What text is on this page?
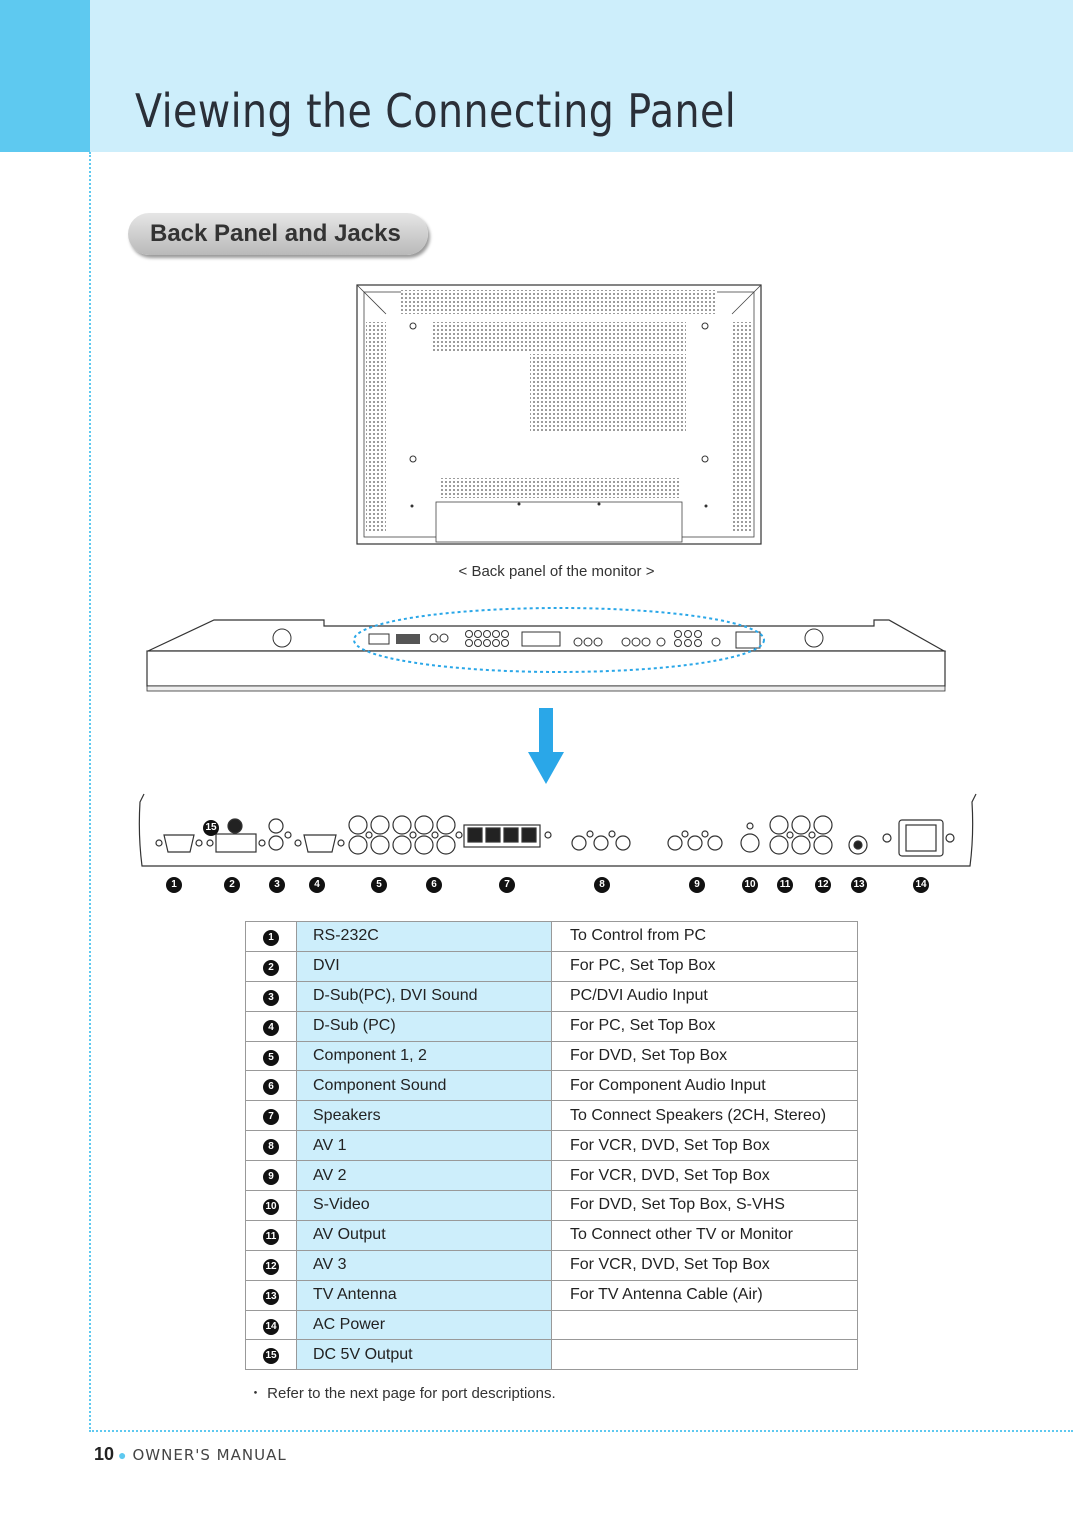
Viewing the Connecting Panel
Back Panel and Jacks
< Back panel of the monitor >
15
1	2	3	4	5	6	7	8	9	10 11	12 13	14
1	RS-232C	To Control from PC
2	DVI	For PC, Set Top Box
3	D-Sub(PC), DVI Sound	PC/DVI Audio Input
4	D-Sub (PC)	For PC, Set Top Box
5	Component 1, 2	For DVD, Set Top Box
6	Component Sound	For Component Audio Input
7	Speakers	To Connect Speakers (2CH, Stereo)
8	AV 1	For VCR, DVD, Set Top Box
9	AV 2	For VCR, DVD, Set Top Box
10	S-Video	For DVD, Set Top Box, S-VHS
11	AV Output	To Connect other TV or Monitor
12	AV 3	For VCR, DVD, Set Top Box
13	TV Antenna	For TV Antenna Cable (Air)
14	AC Power	
15	DC 5V Output	
・ Refer to the next page for port descriptions.
10 ● OWNER'S MANUAL
